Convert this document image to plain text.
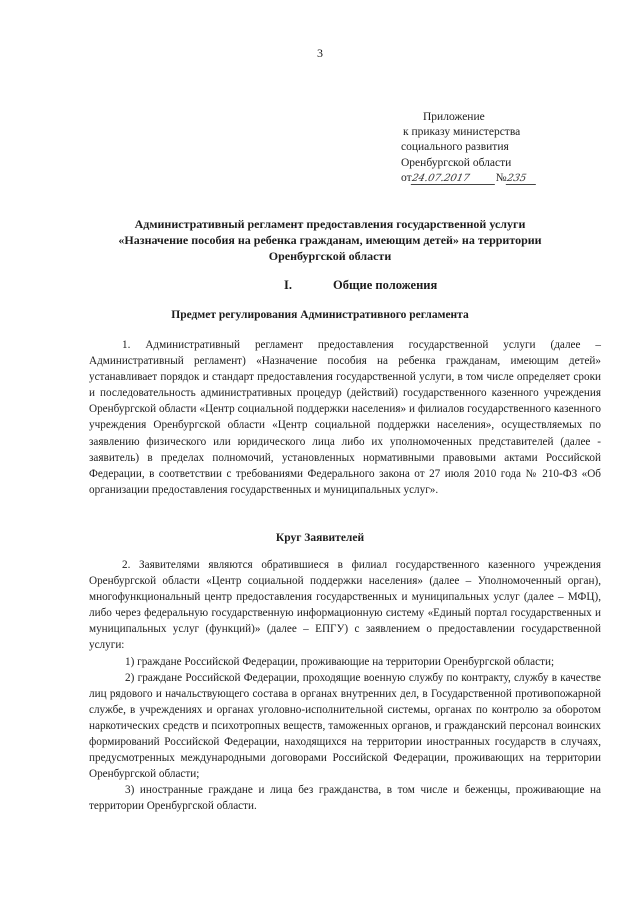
3
Приложение
к приказу министерства
социального развития
Оренбургской области
от24.07.2017 №235
Административный регламент предоставления государственной услуги
«Назначение пособия на ребенка гражданам, имеющим детей» на территории
Оренбургской области
I.	Общие положения
Предмет регулирования Административного регламента

1. Административный регламент предоставления государственной услуги (далее – Административный регламент) «Назначение пособия на ребенка гражданам, имеющим детей» устанавливает порядок и стандарт предоставления государственной услуги, в том числе определяет сроки и последовательность административных процедур (действий) государственного казенного учреждения Оренбургской области «Центр социальной поддержки населения» и филиалов государственного казенного учреждения Оренбургской области «Центр социальной поддержки населения», осуществляемых по заявлению физического или юридического лица либо их уполномоченных представителей (далее - заявитель) в пределах полномочий, установленных нормативными правовыми актами Российской Федерации, в соответствии с требованиями Федерального закона от 27 июля 2010 года № 210-ФЗ «Об организации предоставления государственных и муниципальных услуг».

Круг Заявителей

2. Заявителями являются обратившиеся в филиал государственного казенного учреждения Оренбургской области «Центр социальной поддержки населения» (далее – Уполномоченный орган), многофункциональный центр предоставления государственных и муниципальных услуг (далее – МФЦ), либо через федеральную государственную информационную систему «Единый портал государственных и муниципальных услуг (функций)» (далее – ЕПГУ) с заявлением о предоставлении государственной услуги:

1) граждане Российской Федерации, проживающие на территории Оренбургской области;

2) граждане Российской Федерации, проходящие военную службу по контракту, службу в качестве лиц рядового и начальствующего состава в органах внутренних дел, в Государственной противопожарной службе, в учреждениях и органах уголовно-исполнительной системы, органах по контролю за оборотом наркотических средств и психотропных веществ, таможенных органов, и гражданский персонал воинских формирований Российской Федерации, находящихся на территории иностранных государств в случаях, предусмотренных международными договорами Российской Федерации, проживающих на территории Оренбургской области;

3) иностранные граждане и лица без гражданства, в том числе и беженцы, проживающие на территории Оренбургской области.
